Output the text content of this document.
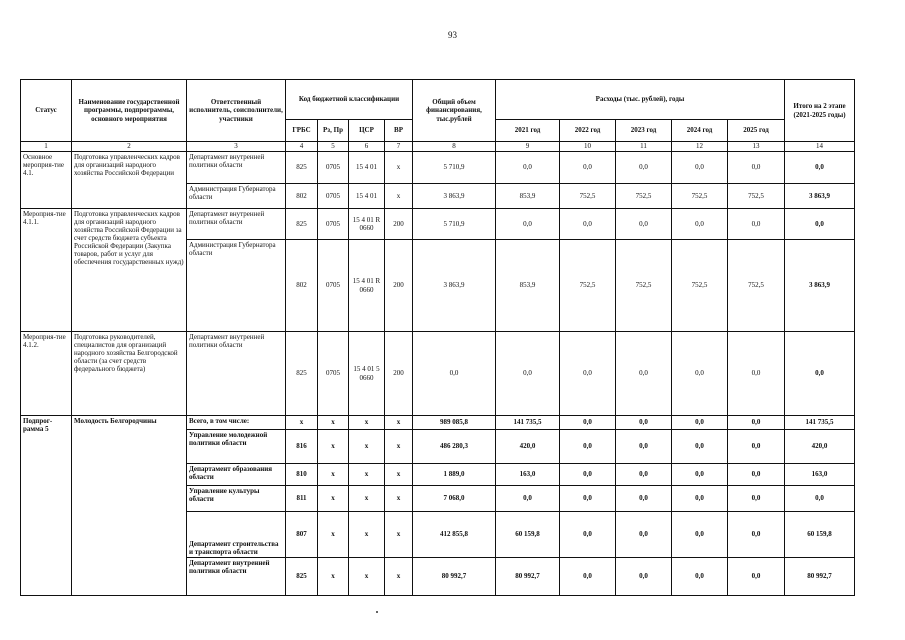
93
Статус	Наименование государственной программы, подпрограммы, основного мероприятия	Ответственный исполнитель, соисполнители, участники	Код бюджетной классификации				Общий объем финансирования, тыс.рублей	Расходы (тыс. рублей), годы					Итого на 2 этапе (2021-2025 годы)
			ГРБС	Рз, Пр	ЦСР	ВР		2021 год	2022 год	2023 год	2024 год	2025 год	
1	2	3	4	5	6	7	8	9	10	11	12	13	14
Основное мероприя-тие 4.1.	Подготовка управленческих кадров для организаций народного хозяйства Российской Федерации	Департамент внутренней политики области	825	0705	15 4 01	x	5 710,9	0,0	0,0	0,0	0,0	0,0	0,0
		Администрация Губернатора области	802	0705	15 4 01	x	3 863,9	853,9	752,5	752,5	752,5	752,5	3 863,9
Мероприя-тие 4.1.1.	Подготовка управленческих кадров для организаций народного хозяйства Российской Федерации за счет средств бюджета субъекта Российской Федерации (Закупка товаров, работ и услуг для обеспечения государственных нужд)	Департамент внутренней политики области	825	0705	15 4 01 R 0660	200	5 710,9	0,0	0,0	0,0	0,0	0,0	0,0
		Администрация Губернатора области	802	0705	15 4 01 R 0660	200	3 863,9	853,9	752,5	752,5	752,5	752,5	3 863,9
Мероприя-тие 4.1.2.	Подготовка руководителей, специалистов для организаций народного хозяйства Белгородской области (за счет средств федерального бюджета)	Департамент внутренней политики области	825	0705	15 4 01 5 0660	200	0,0	0,0	0,0	0,0	0,0	0,0	0,0
Подпрог-рамма 5	Молодость Белгородчины	Всего, в том числе:	x	x	x	x	989 085,8	141 735,5	0,0	0,0	0,0	0,0	141 735,5
		Управление молодежной политики области	816	x	x	x	486 280,3	420,0	0,0	0,0	0,0	0,0	420,0
		Департамент образования области	810	x	x	x	1 889,0	163,0	0,0	0,0	0,0	0,0	163,0
		Управление культуры области	811	x	x	x	7 068,0	0,0	0,0	0,0	0,0	0,0	0,0
		Департамент строительства и транспорта области	807	x	x	x	412 855,8	60 159,8	0,0	0,0	0,0	0,0	60 159,8
		Департамент внутренней политики области	825	x	x	x	80 992,7	80 992,7	0,0	0,0	0,0	0,0	80 992,7
